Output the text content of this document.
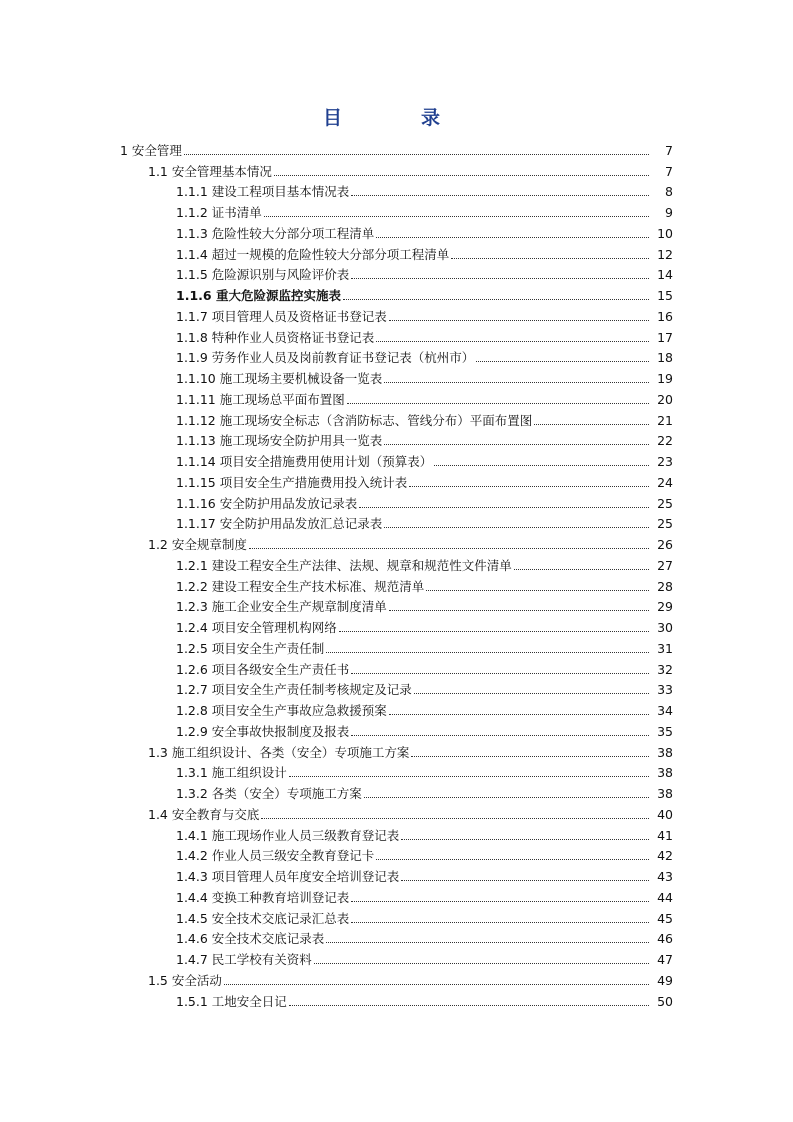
目　录
1 安全管理	7
1.1 安全管理基本情况	7
1.1.1 建设工程项目基本情况表	8
1.1.2 证书清单	9
1.1.3 危险性较大分部分项工程清单	10
1.1.4 超过一规模的危险性较大分部分项工程清单	12
1.1.5 危险源识别与风险评价表	14
1.1.6 重大危险源监控实施表	15
1.1.7 项目管理人员及资格证书登记表	16
1.1.8 特种作业人员资格证书登记表	17
1.1.9 劳务作业人员及岗前教育证书登记表（杭州市）	18
1.1.10 施工现场主要机械设备一览表	19
1.1.11 施工现场总平面布置图	20
1.1.12 施工现场安全标志（含消防标志、管线分布）平面布置图	21
1.1.13 施工现场安全防护用具一览表	22
1.1.14 项目安全措施费用使用计划（预算表）	23
1.1.15 项目安全生产措施费用投入统计表	24
1.1.16 安全防护用品发放记录表	25
1.1.17 安全防护用品发放汇总记录表	25
1.2 安全规章制度	26
1.2.1 建设工程安全生产法律、法规、规章和规范性文件清单	27
1.2.2 建设工程安全生产技术标准、规范清单	28
1.2.3 施工企业安全生产规章制度清单	29
1.2.4 项目安全管理机构网络	30
1.2.5 项目安全生产责任制	31
1.2.6 项目各级安全生产责任书	32
1.2.7 项目安全生产责任制考核规定及记录	33
1.2.8 项目安全生产事故应急救援预案	34
1.2.9 安全事故快报制度及报表	35
1.3 施工组织设计、各类（安全）专项施工方案	38
1.3.1 施工组织设计	38
1.3.2 各类（安全）专项施工方案	38
1.4 安全教育与交底	40
1.4.1 施工现场作业人员三级教育登记表	41
1.4.2 作业人员三级安全教育登记卡	42
1.4.3 项目管理人员年度安全培训登记表	43
1.4.4 变换工种教育培训登记表	44
1.4.5 安全技术交底记录汇总表	45
1.4.6 安全技术交底记录表	46
1.4.7 民工学校有关资料	47
1.5 安全活动	49
1.5.1 工地安全日记	50
